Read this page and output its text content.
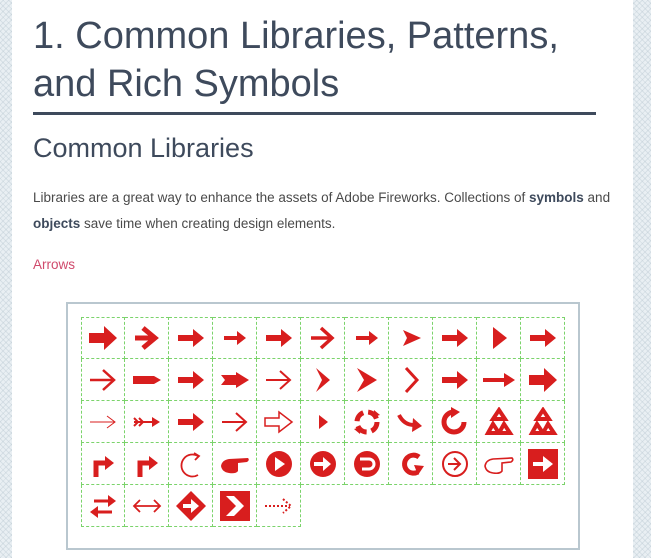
1. Common Libraries, Patterns, and Rich Symbols
Common Libraries

Libraries are a great way to enhance the assets of Adobe Fireworks. Collections of symbols and objects save time when creating design elements.

Arrows
